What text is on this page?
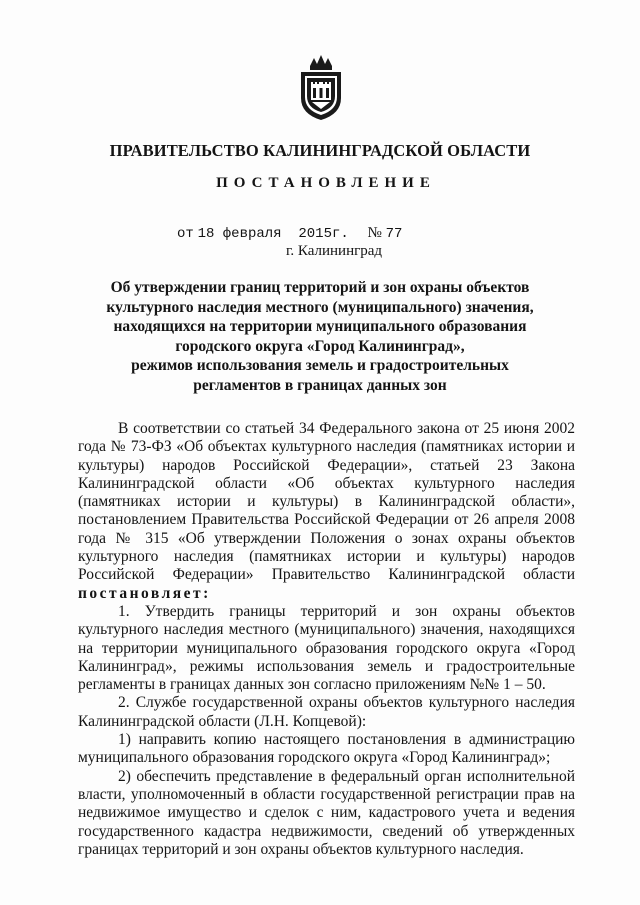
ПРАВИТЕЛЬСТВО КАЛИНИНГРАДСКОЙ ОБЛАСТИ
ПОСТАНОВЛЕНИЕ
от 18 февраля  2015г. № 77
г. Калининград
Об утверждении границ территорий и зон охраны объектов
культурного наследия местного (муниципального) значения,
находящихся на территории муниципального образования
городского округа «Город Калининград»,
режимов использования земель и градостроительных
регламентов в границах данных зон

В соответствии со статьей 34 Федерального закона от 25 июня 2002 года № 73-ФЗ «Об объектах культурного наследия (памятниках истории и культуры) народов Российской Федерации», статьей 23 Закона Калининградской области «Об объектах культурного наследия (памятниках истории и культуры) в Калининградской области», постановлением Правительства Российской Федерации от 26 апреля 2008 года № 315 «Об утверждении Положения о зонах охраны объектов культурного наследия (памятниках истории и культуры) народов Российской Федерации» Правительство Калининградской области постановляет:

1. Утвердить границы территорий и зон охраны объектов культурного наследия местного (муниципального) значения, находящихся на территории муниципального образования городского округа «Город Калининград», режимы использования земель и градостроительные регламенты в границах данных зон согласно приложениям №№ 1 – 50.

2. Службе государственной охраны объектов культурного наследия Калининградской области (Л.Н. Копцевой):

1) направить копию настоящего постановления в администрацию муниципального образования городского округа «Город Калининград»;

2) обеспечить представление в федеральный орган исполнительной власти, уполномоченный в области государственной регистрации прав на недвижимое имущество и сделок с ним, кадастрового учета и ведения государственного кадастра недвижимости, сведений об утвержденных границах территорий и зон охраны объектов культурного наследия.
